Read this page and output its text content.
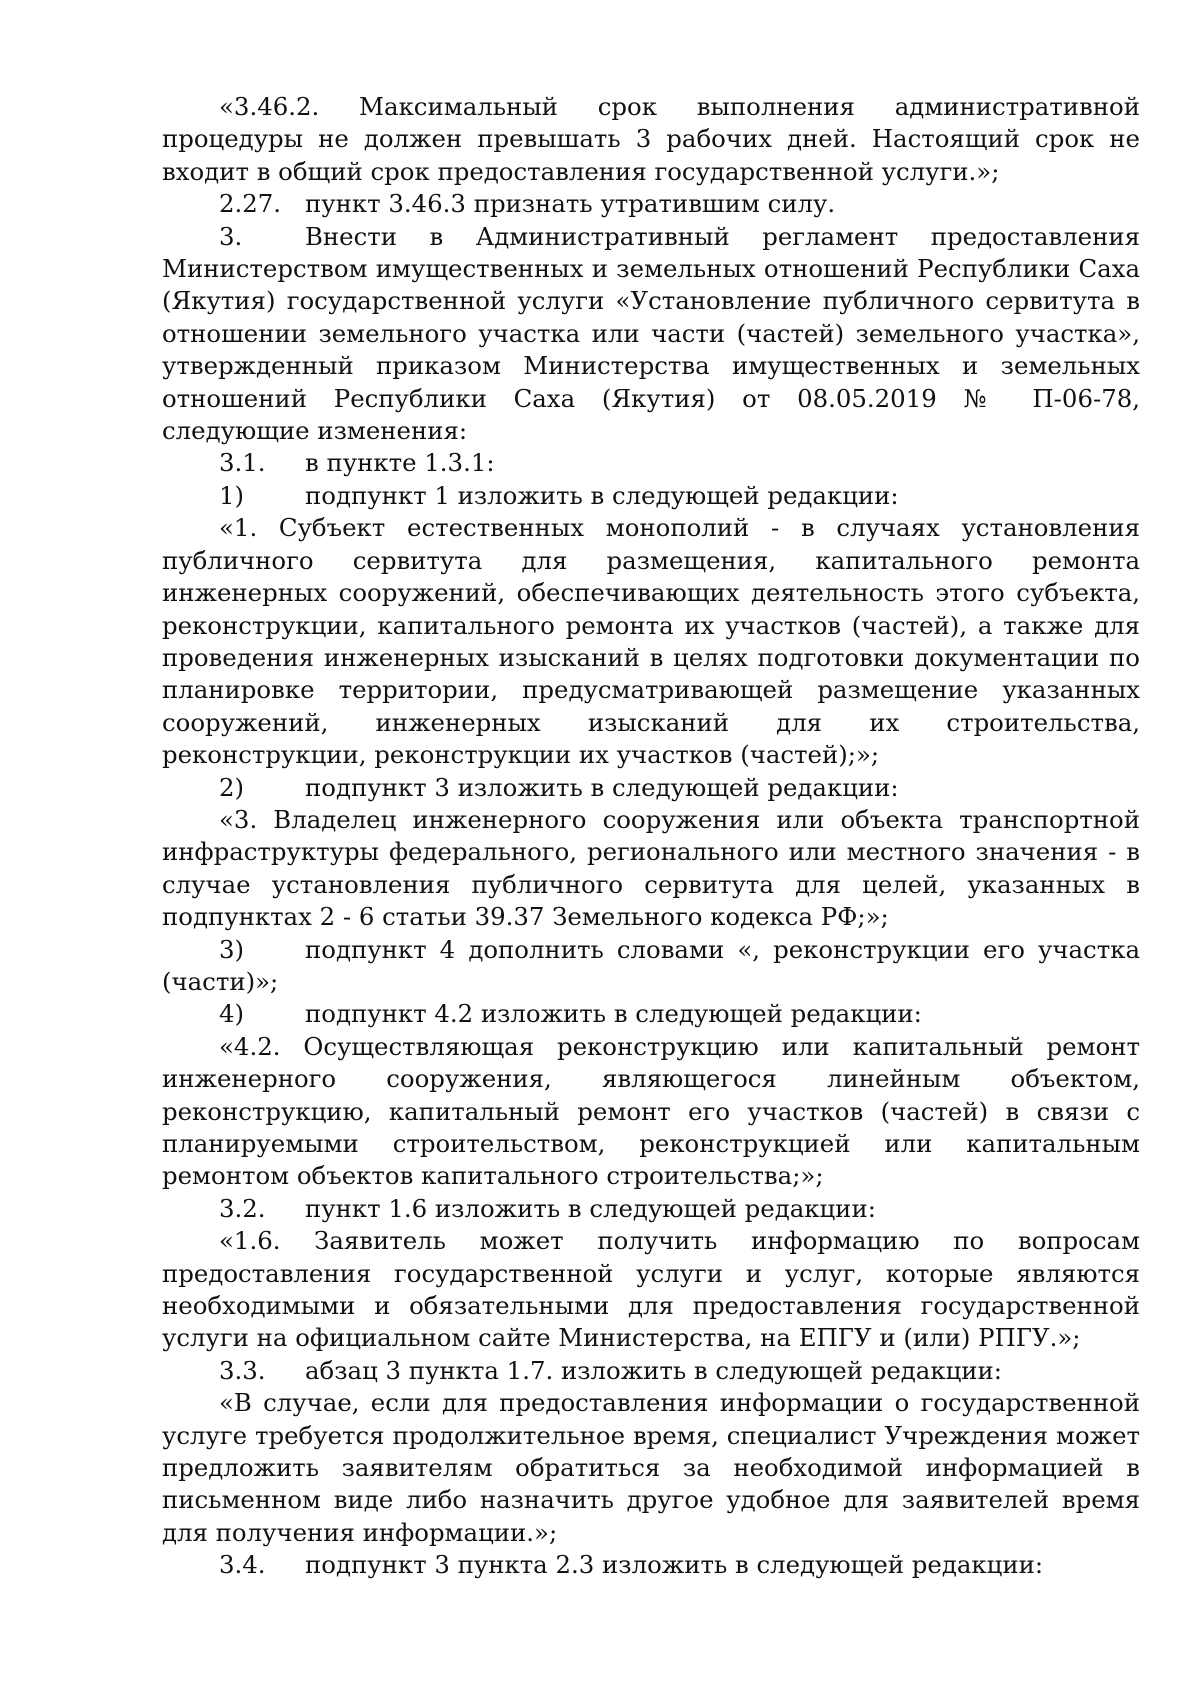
«3.46.2. Максимальный срок выполнения административной процедуры не должен превышать 3 рабочих дней. Настоящий срок не входит в общий срок предоставления государственной услуги.»;

2.27. пункт 3.46.3 признать утратившим силу.

3.	Внести в Административный регламент предоставления Министерством имущественных и земельных отношений Республики Саха (Якутия) государственной услуги «Установление публичного сервитута в отношении земельного участка или части (частей) земельного участка», утвержденный приказом Министерства имущественных и земельных отношений Республики Саха (Якутия) от 08.05.2019 № П-06-78, следующие изменения:

3.1. в пункте 1.3.1:

1) подпункт 1 изложить в следующей редакции:

«1. Субъект естественных монополий - в случаях установления публичного сервитута для размещения, капитального ремонта инженерных сооружений, обеспечивающих деятельность этого субъекта, реконструкции, капитального ремонта их участков (частей), а также для проведения инженерных изысканий в целях подготовки документации по планировке территории, предусматривающей размещение указанных сооружений, инженерных изысканий для их строительства, реконструкции, реконструкции их участков (частей);»;

2) подпункт 3 изложить в следующей редакции:

«3. Владелец инженерного сооружения или объекта транспортной инфраструктуры федерального, регионального или местного значения - в случае установления публичного сервитута для целей, указанных в подпунктах 2 - 6 статьи 39.37 Земельного кодекса РФ;»;

3) подпункт 4 дополнить словами «, реконструкции его участка (части)»;

4) подпункт 4.2 изложить в следующей редакции:

«4.2. Осуществляющая реконструкцию или капитальный ремонт инженерного сооружения, являющегося линейным объектом, реконструкцию, капитальный ремонт его участков (частей) в связи с планируемыми строительством, реконструкцией или капитальным ремонтом объектов капитального строительства;»;

3.2. пункт 1.6 изложить в следующей редакции:

«1.6. Заявитель может получить информацию по вопросам предоставления государственной услуги и услуг, которые являются необходимыми и обязательными для предоставления государственной услуги на официальном сайте Министерства, на ЕПГУ и (или) РПГУ.»;

3.3. абзац 3 пункта 1.7. изложить в следующей редакции:

«В случае, если для предоставления информации о государственной услуге требуется продолжительное время, специалист Учреждения может предложить заявителям обратиться за необходимой информацией в письменном виде либо назначить другое удобное для заявителей время для получения информации.»;

3.4. подпункт 3 пункта 2.3 изложить в следующей редакции:
